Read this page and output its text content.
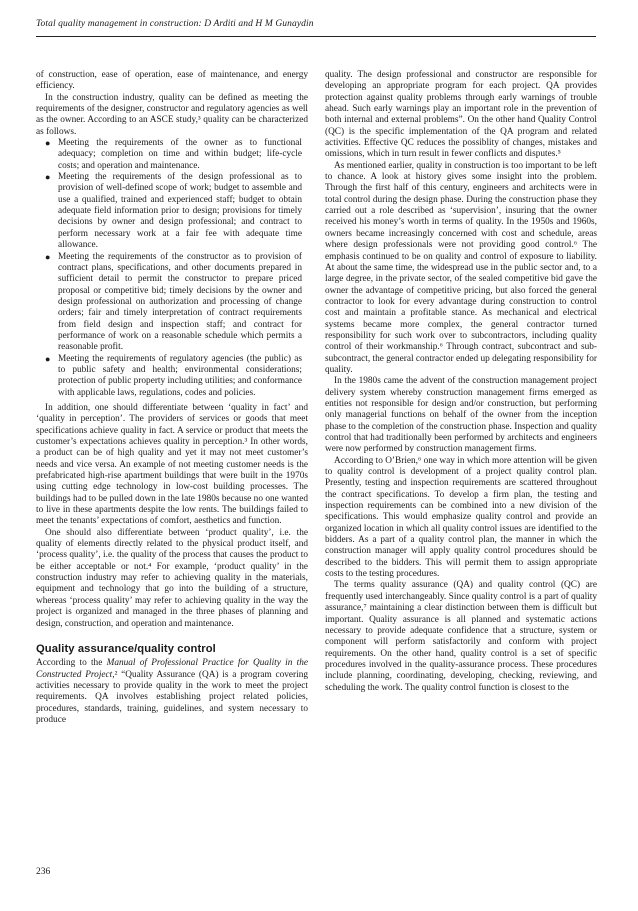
Total quality management in construction: D Arditi and H M Gunaydin

of construction, ease of operation, ease of maintenance, and energy efficiency.

In the construction industry, quality can be defined as meeting the requirements of the designer, constructor and regulatory agencies as well as the owner. According to an ASCE study,³ quality can be characterized as follows.

● Meeting the requirements of the owner as to functional adequacy; completion on time and within budget; life-cycle costs; and operation and maintenance.
● Meeting the requirements of the design professional as to provision of well-defined scope of work; budget to assemble and use a qualified, trained and experienced staff; budget to obtain adequate field information prior to design; provisions for timely decisions by owner and design professional; and contract to perform necessary work at a fair fee with adequate time allowance.
● Meeting the requirements of the constructor as to provision of contract plans, specifications, and other documents prepared in sufficient detail to permit the constructor to prepare priced proposal or competitive bid; timely decisions by the owner and design professional on authorization and processing of change orders; fair and timely interpretation of contract requirements from field design and inspection staff; and contract for performance of work on a reasonable schedule which permits a reasonable profit.
● Meeting the requirements of regulatory agencies (the public) as to public safety and health; environmental considerations; protection of public property including utilities; and conformance with applicable laws, regulations, codes and policies.

In addition, one should differentiate between ‘quality in fact’ and ‘quality in perception’. The providers of services or goods that meet specifications achieve quality in fact. A service or product that meets the customer’s expectations achieves quality in perception.³ In other words, a product can be of high quality and yet it may not meet customer’s needs and vice versa. An example of not meeting customer needs is the prefabricated high-rise apartment buildings that were built in the 1970s using cutting edge technology in low-cost building processes. The buildings had to be pulled down in the late 1980s because no one wanted to live in these apartments despite the low rents. The buildings failed to meet the tenants’ expectations of comfort, aesthetics and function.

One should also differentiate between ‘product quality’, i.e. the quality of elements directly related to the physical product itself, and ‘process quality’, i.e. the quality of the process that causes the product to be either acceptable or not.⁴ For example, ‘product quality’ in the construction industry may refer to achieving quality in the materials, equipment and technology that go into the building of a structure, whereas ‘process quality’ may refer to achieving quality in the way the project is organized and managed in the three phases of planning and design, construction, and operation and maintenance.

Quality assurance/quality control

According to the Manual of Professional Practice for Quality in the Constructed Project,² “Quality Assurance (QA) is a program covering activities necessary to provide quality in the work to meet the project requirements. QA involves establishing project related policies, procedures, standards, training, guidelines, and system necessary to produce

quality. The design professional and constructor are responsible for developing an appropriate program for each project. QA provides protection against quality problems through early warnings of trouble ahead. Such early warnings play an important role in the prevention of both internal and external problems”. On the other hand Quality Control (QC) is the specific implementation of the QA program and related activities. Effective QC reduces the possiblity of changes, mistakes and omissions, which in turn result in fewer conflicts and disputes.⁵

As mentioned earlier, quality in construction is too important to be left to chance. A look at history gives some insight into the problem. Through the first half of this century, engineers and architects were in total control during the design phase. During the construction phase they carried out a role described as ‘supervision’, insuring that the owner received his money’s worth in terms of quality. In the 1950s and 1960s, owners became increasingly concerned with cost and schedule, areas where design professionals were not providing good control.⁶ The emphasis continued to be on quality and control of exposure to liability. At about the same time, the widespread use in the public sector and, to a large degree, in the private sector, of the sealed competitive bid gave the owner the advantage of competitive pricing, but also forced the general contractor to look for every advantage during construction to control cost and maintain a profitable stance. As mechanical and electrical systems became more complex, the general contractor turned responsibility for such work over to subcontractors, including quality control of their workmanship.⁶ Through contract, subcontract and sub-subcontract, the general contractor ended up delegating responsibility for quality.

In the 1980s came the advent of the construction management project delivery system whereby construction management firms emerged as entities not responsible for design and/or construction, but performing only managerial functions on behalf of the owner from the inception phase to the completion of the construction phase. Inspection and quality control that had traditionally been performed by architects and engineers were now performed by construction management firms.

According to O’Brien,⁶ one way in which more attention will be given to quality control is development of a project quality control plan. Presently, testing and inspection requirements are scattered throughout the contract specifications. To develop a firm plan, the testing and inspection requirements can be combined into a new division of the specifications. This would emphasize quality control and provide an organized location in which all quality control issues are identified to the bidders. As a part of a quality control plan, the manner in which the construction manager will apply quality control procedures should be described to the bidders. This will permit them to assign appropriate costs to the testing procedures.

The terms quality assurance (QA) and quality control (QC) are frequently used interchangeably. Since quality control is a part of quality assurance,⁷ maintaining a clear distinction between them is difficult but important. Quality assurance is all planned and systematic actions necessary to provide adequate confidence that a structure, system or component will perform satisfactorily and conform with project requirements. On the other hand, quality control is a set of specific procedures involved in the quality-assurance process. These procedures include planning, coordinating, developing, checking, reviewing, and scheduling the work. The quality control function is closest to the

236
